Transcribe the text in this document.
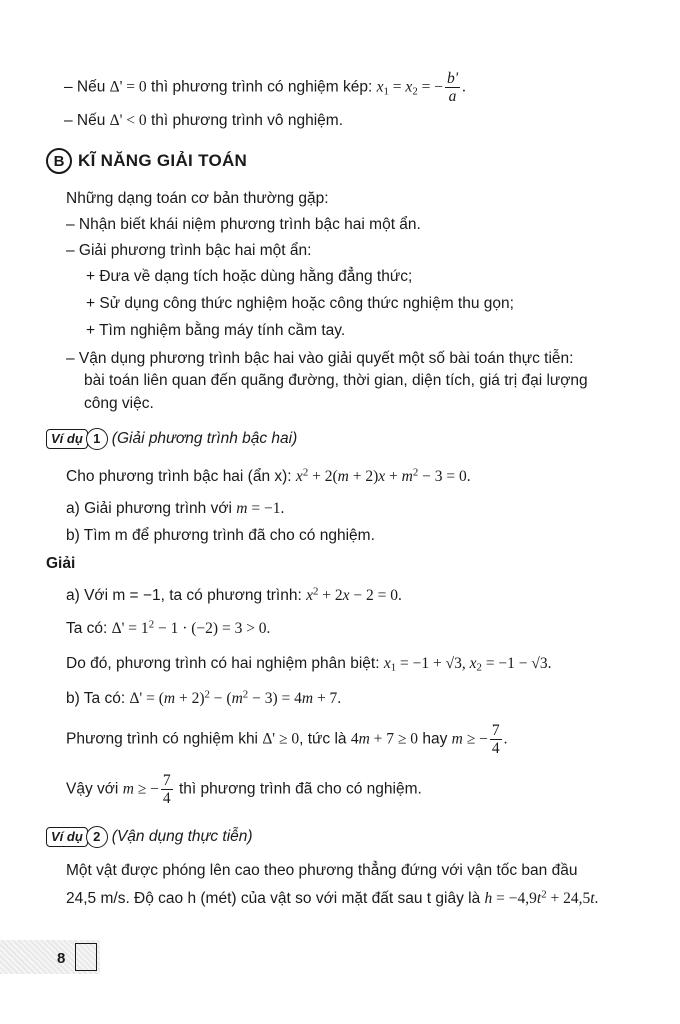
– Nếu Δ' = 0 thì phương trình có nghiệm kép: $x_1 = x_2$ = − $\frac{b'}{a}$ .
– Nếu Δ' < 0 thì phương trình vô nghiệm.
B KĨ NĂNG GIẢI TOÁN
Những dạng toán cơ bản thường gặp:
– Nhận biết khái niệm phương trình bậc hai một ẩn.
– Giải phương trình bậc hai một ẩn:
+ Đưa về dạng tích hoặc dùng hằng đẳng thức;
+ Sử dụng công thức nghiệm hoặc công thức nghiệm thu gọn;
+ Tìm nghiệm bằng máy tính cầm tay.
– Vận dụng phương trình bậc hai vào giải quyết một số bài toán thực tiễn:
bài toán liên quan đến quãng đường, thời gian, diện tích, giá trị đại lượng
công việc.
Ví dụ 1 (Giải phương trình bậc hai)
Cho phương trình bậc hai (ẩn x): $x^2 + 2(m + 2)x + m^2 - 3 = 0$.
a) Giải phương trình với m = −1.
b) Tìm m để phương trình đã cho có nghiệm.
Giải
a) Với m = −1, ta có phương trình: $x^2 + 2x - 2 = 0$.
Ta có: $\Delta' = 1^2 - 1 \cdot (-2) = 3 > 0$.
Do đó, phương trình có hai nghiệm phân biệt: $x_1 = -1 + √3$, $x_2 = -1 - √3$.
b) Ta có: $\Delta' = (m + 2)^2 - (m^2 - 3) = 4m + 7$.
Phương trình có nghiệm khi Δ' ≥ 0, tức là 4m + 7 ≥ 0 hay m ≥ − $\frac{7}{4}$ .
Vậy với m ≥ − $\frac{7}{4}$ thì phương trình đã cho có nghiệm.
Ví dụ 2 (Vận dụng thực tiễn)
Một vật được phóng lên cao theo phương thẳng đứng với vận tốc ban đầu
24,5 m/s. Độ cao h (mét) của vật so với mặt đất sau t giây là $h = -4,9t^2 + 24,5t$.
8
